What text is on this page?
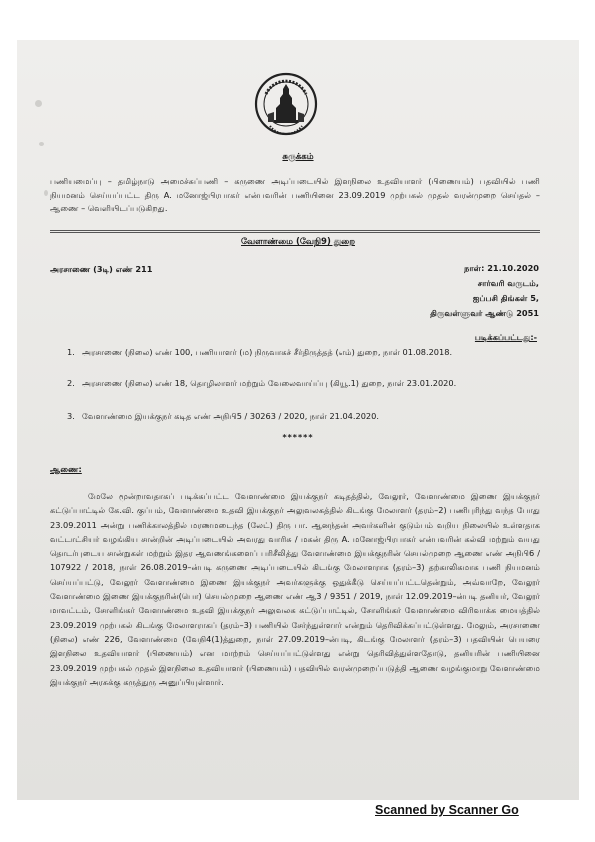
சுருக்கம்
பணியமைப்பு – தமிழ்நாடு அமைச்சுப்பணி – கருணை அடிப்படையில் இளநிலை உதவியாளர் (பிணையம்) பதவியில் பணி நியமனம் செய்யப்பட்ட திரு A. மனோஜ்பிரபாகர் என்பவரின் பணியினை 23.09.2019 முற்பகல் முதல் வரன்முறை செய்தல் – ஆணை – வெளியிடப்படுகிறது.
வேளாண்மை (வேநி9) துறை
அரசாணை (3டி) எண் 211	நாள்: 21.10.2020
சார்வரி வருடம்,
ஐப்பசி திங்கள் 5,
திருவள்ளுவர் ஆண்டு 2051
படிக்கப்பட்டது:-
1. அரசாணை (நிலை) எண் 100, பணியாளர் (ம) நிருவாகச் சீர்திருத்தத் (எம்) துறை, நாள் 01.08.2018.
2. அரசாணை (நிலை) எண் 18, தொழிலாளர் மற்றும் வேலைவாய்ப்பு (கியூ.1) துறை, நாள் 23.01.2020.
3. வேளாண்மை இயக்குநர் கடித எண் அநிபி5 / 30263 / 2020, நாள் 21.04.2020.
******
ஆணை:
மேலே மூன்றாவதாகப் படிக்கப்பட்ட வேளாண்மை இயக்குநர் கடிதத்தில், வேலூர், வேளாண்மை இணை இயக்குநர் கட்டுப்பாட்டில் கே.வி. குப்பம், வேளாண்மை உதவி இயக்குநர் அலுவலகத்தில் கிடங்கு மேலாளர் (தரம்–2) பணிபுரிந்து வந்த போது 23.09.2011 அன்று பணிக்காலத்தில் மரணமடைந்த (லேட்) திரு பா. ஆனந்தன் அவர்களின் குடும்பம் வறிய நிலையில் உள்ளதாக வட்டாட்சியர் வழங்கிய சான்றின் அடிப்படையில் அவரது வாரிசு / மகன் திரு A. மனோஜ்பிரபாகர் என்பவரின் கல்வி மற்றும் வயது தொடர்புடைய சான்றுகள் மற்றும் இதர ஆவணங்களைப் பரிசீலித்து வேளாண்மை இயக்குநரின் செயல்முறை ஆணை எண் அநிபி6 / 107922 / 2018, நாள் 26.08.2019–ன்படி கருணை அடிப்படையில் கிடங்கு மேலாளராக (தரம்–3) தற்காலிகமாக பணி நியமனம் செய்யப்பட்டு, வேலூர் வேளாண்மை இணை இயக்குநர் அவர்களுக்கு ஒதுக்கீடு செய்யப்பட்டதென்றும், அவ்வாறே, வேலூர் வேளாண்மை இணை இயக்குநரின்(பொ) செயல்முறை ஆணை எண் ஆ3 / 9351 / 2019, நாள் 12.09.2019–ன்படி தனியர், வேலூர் மாவட்டம், சோளிங்கர் வேளாண்மை உதவி இயக்குநர் அலுவலக கட்டுப்பாட்டில், சோளிங்கர் வேளாண்மை விரிவாக்க மையத்தில் 23.09.2019 முற்பகல் கிடங்கு மேலாளராகப் (தரம்–3) பணியில் சேர்ந்துள்ளார் என்றும் தெரிவிக்கப்பட்டுள்ளது. மேலும், அரசாணை (நிலை) எண் 226, வேளாண்மை (வேநி4(1)த்துறை, நாள் 27.09.2019–ன்படி, கிடங்கு மேலாளர் (தரம்–3) பதவியின் பெயரை இளநிலை உதவியாளர் (பிணையம்) என மாற்றம் செய்யப்பட்டுள்ளது என்று தெரிவித்துள்ளதோடு, தனியரின் பணியினை 23.09.2019 முற்பகல் முதல் இளநிலை உதவியாளர் (பிணையம்) பதவியில் வரன்முறைப்படுத்தி ஆணை வழங்குமாறு வேளாண்மை இயக்குநர் அரசுக்கு கருத்துரு அனுப்பியுள்ளார்.
Scanned by Scanner Go
